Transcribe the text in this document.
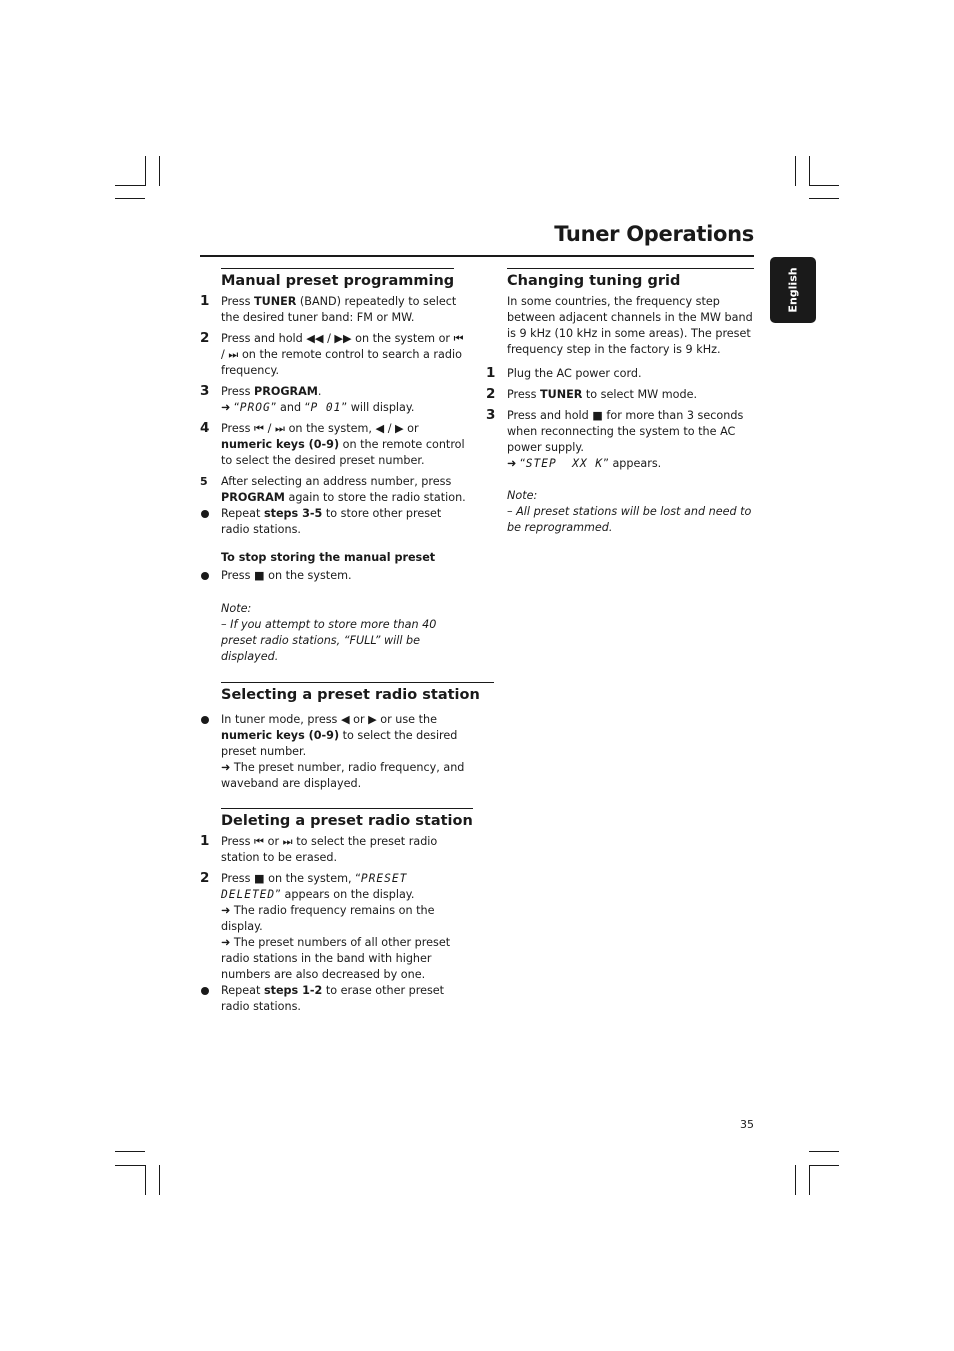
Tuner Operations
English
Manual preset programming
1 Press TUNER (BAND) repeatedly to select the desired tuner band: FM or MW.
2 Press and hold ◀◀ / ▶▶ on the system or ⏮ / ⏭ on the remote control to search a radio frequency.
3 Press PROGRAM.
➜ “PROG” and “P 01” will display.
4 Press ⏮ / ⏭ on the system, ◀ / ▶ or numeric keys (0-9) on the remote control to select the desired preset number.
5 After selecting an address number, press PROGRAM again to store the radio station.
Repeat steps 3-5 to store other preset radio stations.
To stop storing the manual preset
Press ■ on the system.
Note:
– If you attempt to store more than 40 preset radio stations, “FULL” will be displayed.
Selecting a preset radio station
In tuner mode, press ◀ or ▶ or use the numeric keys (0-9) to select the desired preset number.
➜ The preset number, radio frequency, and waveband are displayed.
Deleting a preset radio station
1 Press ⏮ or ⏭ to select the preset radio station to be erased.
2 Press ■ on the system, “PRESET DELETED” appears on the display.
➜ The radio frequency remains on the display.
➜ The preset numbers of all other preset radio stations in the band with higher numbers are also decreased by one.
Repeat steps 1-2 to erase other preset radio stations.
Changing tuning grid
In some countries, the frequency step between adjacent channels in the MW band is 9 kHz (10 kHz in some areas). The preset frequency step in the factory is 9 kHz.
1 Plug the AC power cord.
2 Press TUNER to select MW mode.
3 Press and hold ■ for more than 3 seconds when reconnecting the system to the AC power supply.
➜ “STEP  XX K” appears.
Note:
– All preset stations will be lost and need to be reprogrammed.
35
